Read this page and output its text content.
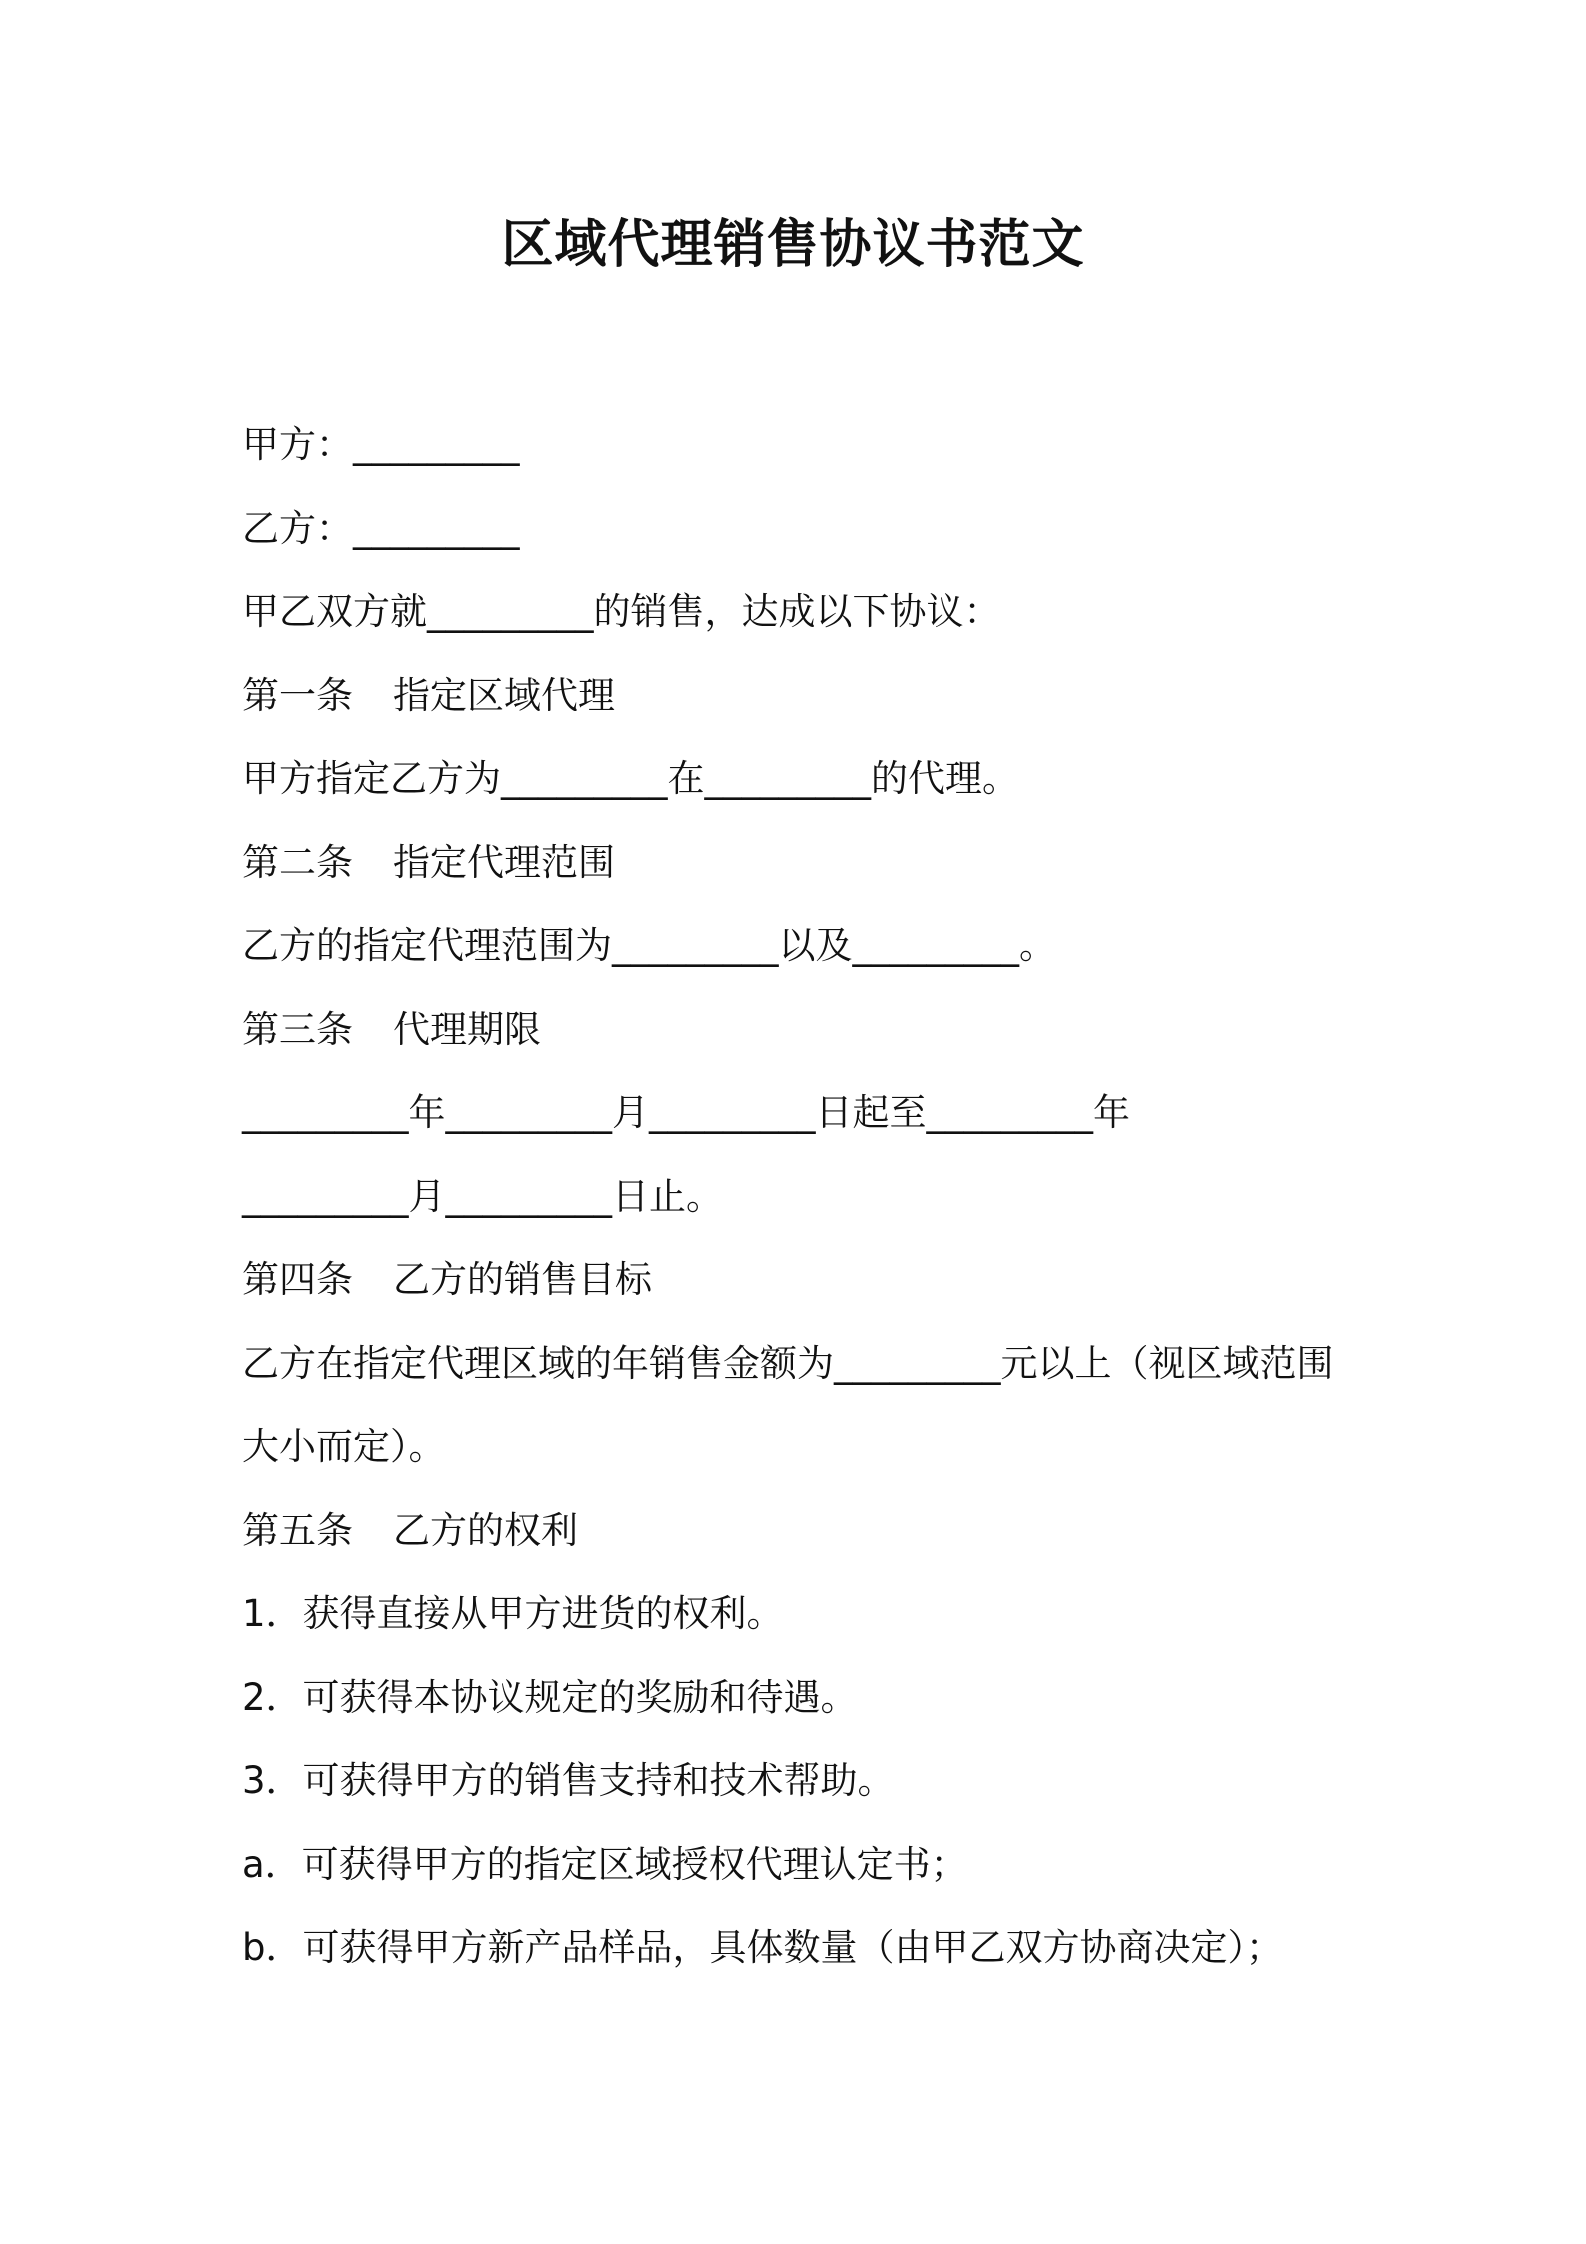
区域代理销售协议书范文
甲方：_________
乙方：_________
甲乙双方就_________的销售，达成以下协议：
第一条 指定区域代理
甲方指定乙方为_________在_________的代理。
第二条 指定代理范围
乙方的指定代理范围为_________以及_________。
第三条 代理期限
_________年_________月_________日起至_________年
_________月_________日止。
第四条 乙方的销售目标
乙方在指定代理区域的年销售金额为_________元以上（视区域范围
大小而定）。
第五条 乙方的权利
1．获得直接从甲方进货的权利。
2．可获得本协议规定的奖励和待遇。
3．可获得甲方的销售支持和技术帮助。
a．可获得甲方的指定区域授权代理认定书；
b．可获得甲方新产品样品，具体数量（由甲乙双方协商决定）；
